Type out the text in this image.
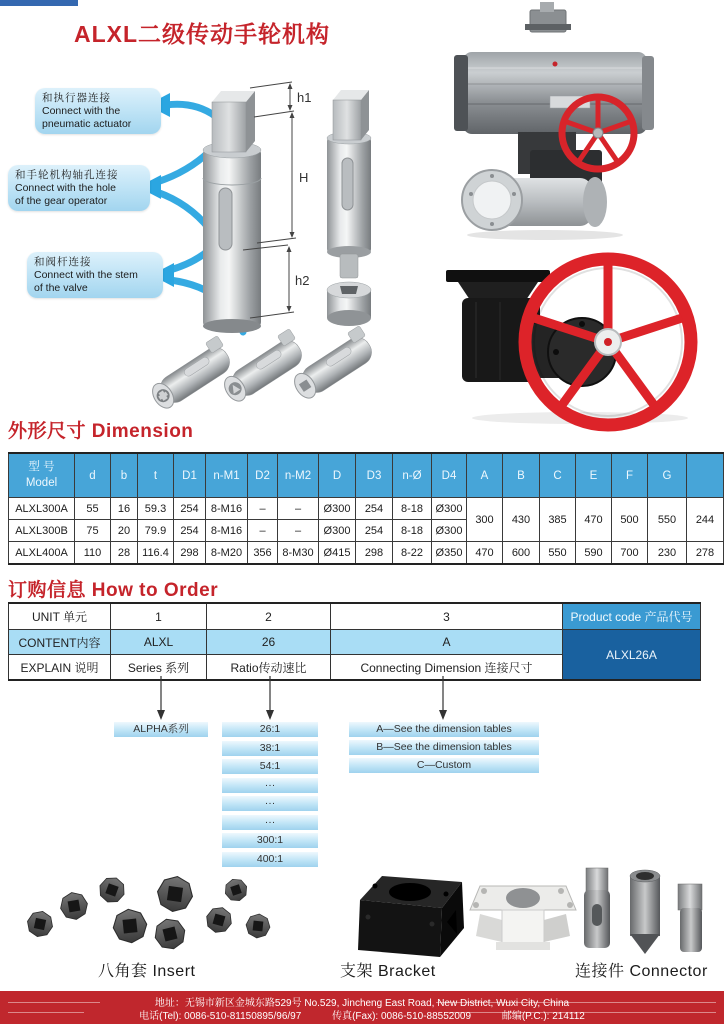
ALXL二级传动手轮机构
h1
H
h2
和执行器连接
Connect with the
pneumatic actuator
和手轮机构轴孔连接
Connect with the hole
of the gear operator
和阀杆连接
Connect with the stem
of the valve
外形尺寸 Dimension
型 号
Model	d	b	t	D1	n-M1	D2	n-M2	D	D3	n-Ø	D4	A	B	C	E	F	G	
ALXL300A	55	16	59.3	254	8-M16	–	–	Ø300	254	8-18	Ø300	300	430	385	470	500	550	244
ALXL300B	75	20	79.9	254	8-M16	–	–	Ø300	254	8-18	Ø300							
ALXL400A	110	28	116.4	298	8-M20	356	8-M30	Ø415	298	8-22	Ø350	470	600	550	590	700	230	278
订购信息 How to Order
UNIT 单元	1	2	3	Product code 产品代号
CONTENT内容	ALXL	26	A	ALXL26A
EXPLAIN 说明	Series 系列	Ratio传动速比	Connecting Dimension 连接尺寸	
ALPHA系列	26:1
38:1
54:1
···
···
···
300:1
400:1
A—See the dimension tables
B—See the dimension tables
C—Custom
八角套 Insert	支架 Bracket	连接件 Connector
地址：无锡市新区金城东路529号 No.529, Jincheng East Road, New District, Wuxi City, China
电话(Tel): 0086-510-81150895/96/97	传真(Fax): 0086-510-88552009	邮编(P.C.): 214112
